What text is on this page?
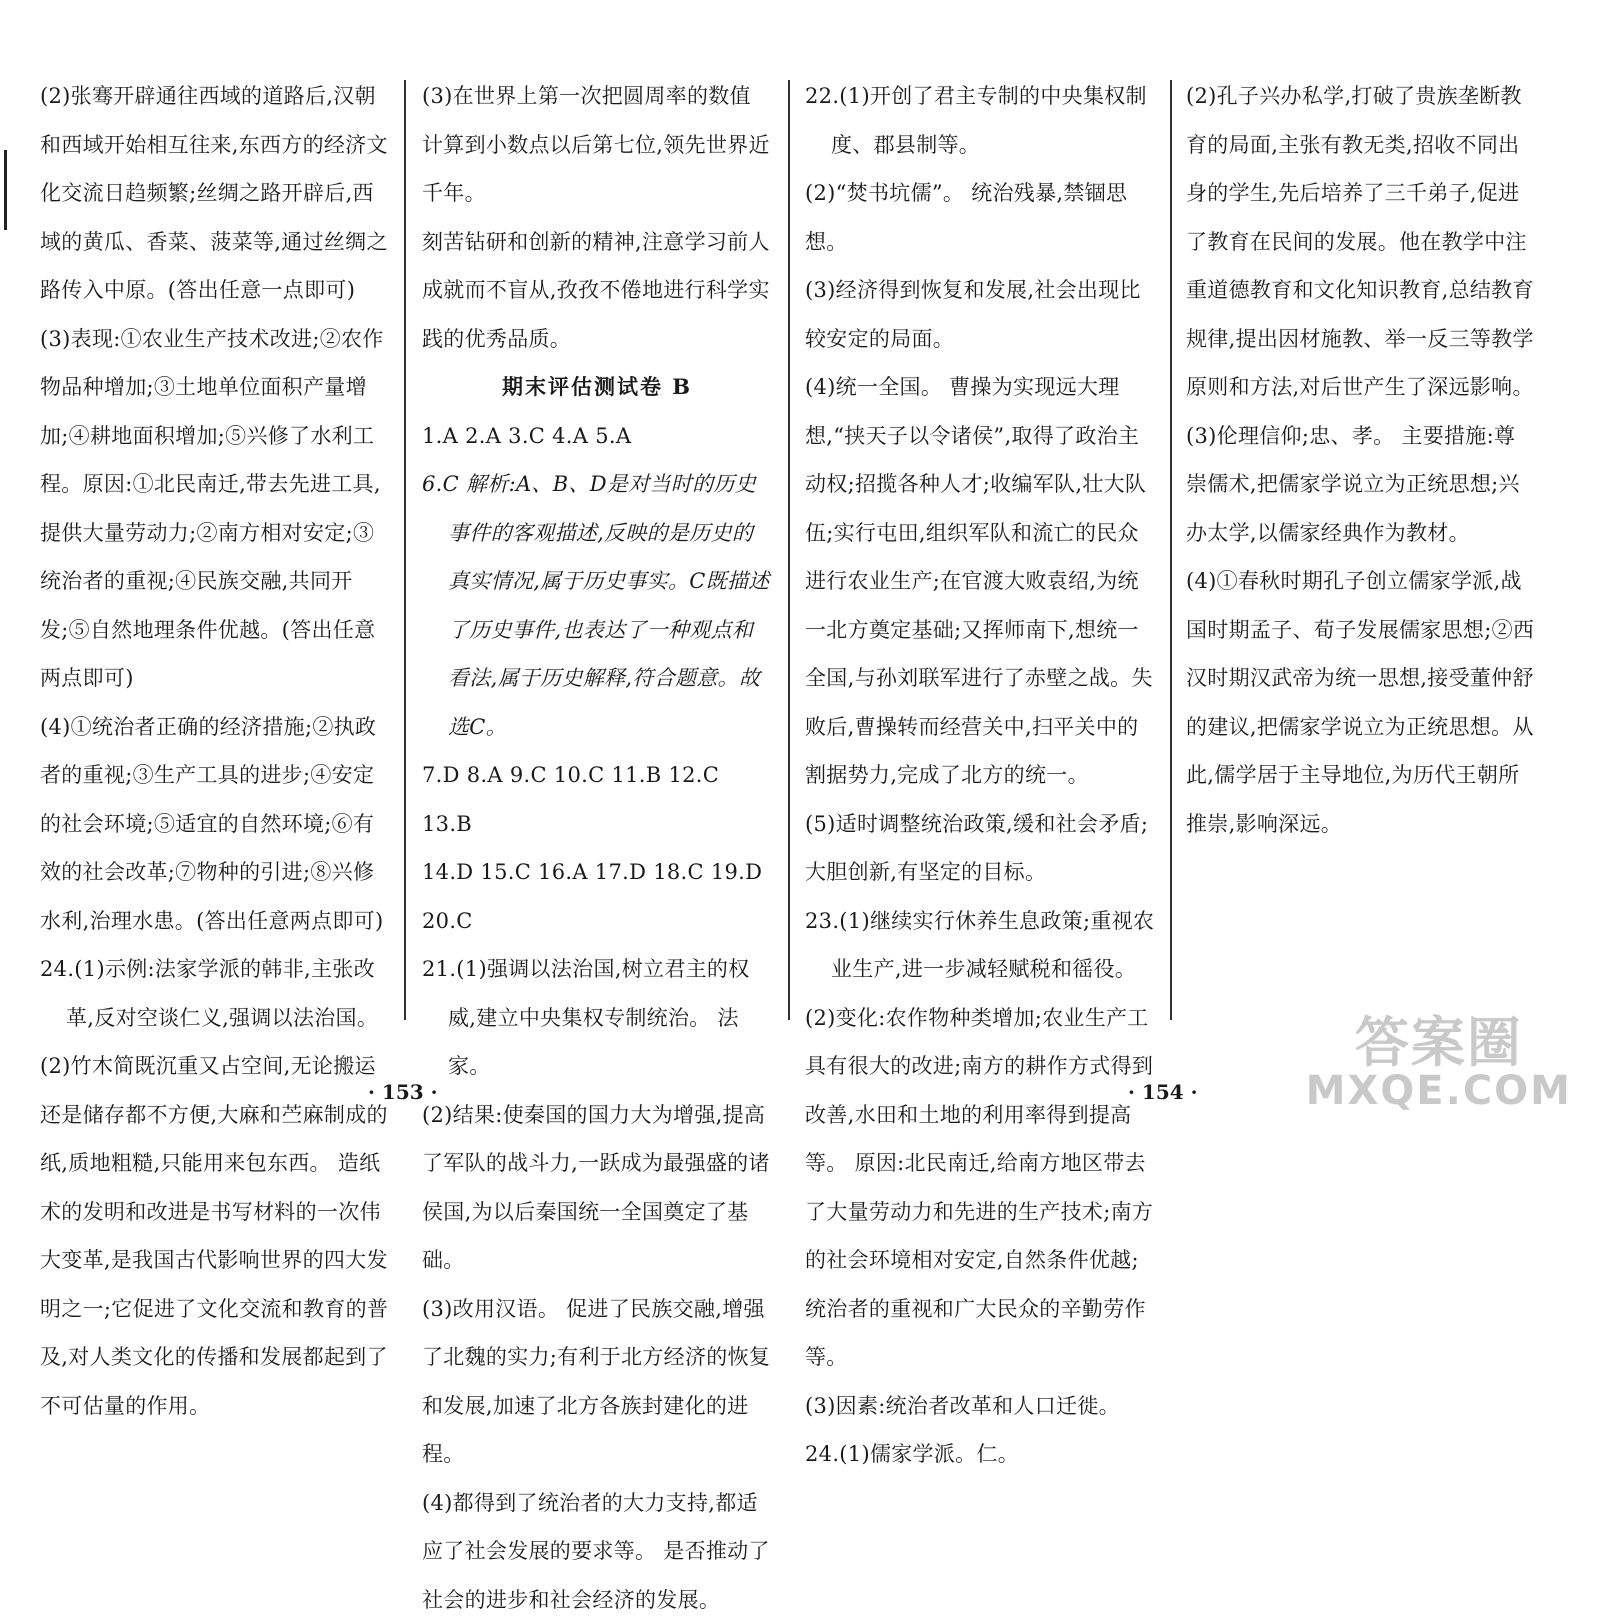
(2)张骞开辟通往西域的道路后,汉朝和西域开始相互往来,东西方的经济文化交流日趋频繁;丝绸之路开辟后,西域的黄瓜、香菜、菠菜等,通过丝绸之路传入中原。(答出任意一点即可)

(3)表现:①农业生产技术改进;②农作物品种增加;③土地单位面积产量增加;④耕地面积增加;⑤兴修了水利工程。原因:①北民南迁,带去先进工具,提供大量劳动力;②南方相对安定;③统治者的重视;④民族交融,共同开发;⑤自然地理条件优越。(答出任意两点即可)

(4)①统治者正确的经济措施;②执政者的重视;③生产工具的进步;④安定的社会环境;⑤适宜的自然环境;⑥有效的社会改革;⑦物种的引进;⑧兴修水利,治理水患。(答出任意两点即可)

24.(1)示例:法家学派的韩非,主张改革,反对空谈仁义,强调以法治国。

(2)竹木简既沉重又占空间,无论搬运还是储存都不方便,大麻和苎麻制成的纸,质地粗糙,只能用来包东西。 造纸术的发明和改进是书写材料的一次伟大变革,是我国古代影响世界的四大发明之一;它促进了文化交流和教育的普及,对人类文化的传播和发展都起到了不可估量的作用。

(3)在世界上第一次把圆周率的数值计算到小数点以后第七位,领先世界近千年。

刻苦钻研和创新的精神,注意学习前人成就而不盲从,孜孜不倦地进行科学实践的优秀品质。

期末评估测试卷 B

1.A 2.A 3.C 4.A 5.A

6.C 解析:A、B、D是对当时的历史事件的客观描述,反映的是历史的真实情况,属于历史事实。C既描述了历史事件,也表达了一种观点和看法,属于历史解释,符合题意。故选C。

7.D 8.A 9.C 10.C 11.B 12.C 13.B

14.D 15.C 16.A 17.D 18.C 19.D

20.C

21.(1)强调以法治国,树立君主的权威,建立中央集权专制统治。 法家。

(2)结果:使秦国的国力大为增强,提高了军队的战斗力,一跃成为最强盛的诸侯国,为以后秦国统一全国奠定了基础。

(3)改用汉语。 促进了民族交融,增强了北魏的实力;有利于北方经济的恢复和发展,加速了北方各族封建化的进程。

(4)都得到了统治者的大力支持,都适应了社会发展的要求等。 是否推动了社会的进步和社会经济的发展。

22.(1)开创了君主专制的中央集权制度、郡县制等。

(2)“焚书坑儒”。 统治残暴,禁锢思想。

(3)经济得到恢复和发展,社会出现比较安定的局面。

(4)统一全国。 曹操为实现远大理想,“挟天子以令诸侯”,取得了政治主动权;招揽各种人才;收编军队,壮大队伍;实行屯田,组织军队和流亡的民众进行农业生产;在官渡大败袁绍,为统一北方奠定基础;又挥师南下,想统一全国,与孙刘联军进行了赤壁之战。失败后,曹操转而经营关中,扫平关中的割据势力,完成了北方的统一。

(5)适时调整统治政策,缓和社会矛盾;大胆创新,有坚定的目标。

23.(1)继续实行休养生息政策;重视农业生产,进一步减轻赋税和徭役。

(2)变化:农作物种类增加;农业生产工具有很大的改进;南方的耕作方式得到改善,水田和土地的利用率得到提高等。 原因:北民南迁,给南方地区带去了大量劳动力和先进的生产技术;南方的社会环境相对安定,自然条件优越;统治者的重视和广大民众的辛勤劳作等。

(3)因素:统治者改革和人口迁徙。

24.(1)儒家学派。仁。

(2)孔子兴办私学,打破了贵族垄断教育的局面,主张有教无类,招收不同出身的学生,先后培养了三千弟子,促进了教育在民间的发展。他在教学中注重道德教育和文化知识教育,总结教育规律,提出因材施教、举一反三等教学原则和方法,对后世产生了深远影响。

(3)伦理信仰;忠、孝。 主要措施:尊崇儒术,把儒家学说立为正统思想;兴办太学,以儒家经典作为教材。

(4)①春秋时期孔子创立儒家学派,战国时期孟子、荀子发展儒家思想;②西汉时期汉武帝为统一思想,接受董仲舒的建议,把儒家学说立为正统思想。从此,儒学居于主导地位,为历代王朝所推崇,影响深远。

· 153 ·	· 154 ·
答案圈
MXQE.COM
